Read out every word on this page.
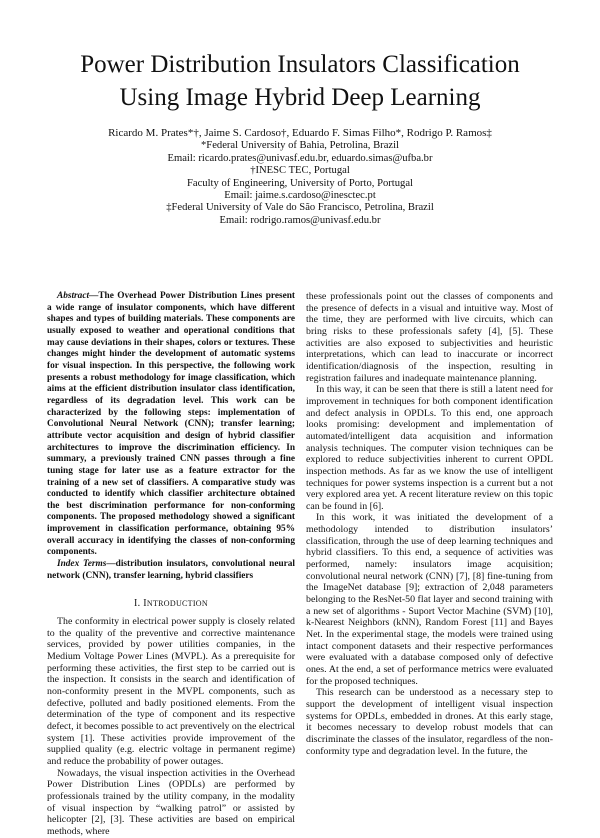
Power Distribution Insulators Classification
Using Image Hybrid Deep Learning
Ricardo M. Prates*†, Jaime S. Cardoso†, Eduardo F. Simas Filho*, Rodrigo P. Ramos‡
*Federal University of Bahia, Petrolina, Brazil
Email: ricardo.prates@univasf.edu.br, eduardo.simas@ufba.br
†INESC TEC, Portugal
Faculty of Engineering, University of Porto, Portugal
Email: jaime.s.cardoso@inesctec.pt
‡Federal University of Vale do São Francisco, Petrolina, Brazil
Email: rodrigo.ramos@univasf.edu.br

Abstract—The Overhead Power Distribution Lines present a wide range of insulator components, which have different shapes and types of building materials. These components are usually exposed to weather and operational conditions that may cause deviations in their shapes, colors or textures. These changes might hinder the development of automatic systems for visual inspection. In this perspective, the following work presents a robust methodology for image classification, which aims at the efficient distribution insulator class identification, regardless of its degradation level. This work can be characterized by the following steps: implementation of Convolutional Neural Network (CNN); transfer learning; attribute vector acquisition and design of hybrid classifier architectures to improve the discrimination efficiency. In summary, a previously trained CNN passes through a fine tuning stage for later use as a feature extractor for the training of a new set of classifiers. A comparative study was conducted to identify which classifier architecture obtained the best discrimination performance for non-conforming components. The proposed methodology showed a significant improvement in classification performance, obtaining 95% overall accuracy in identifying the classes of non-conforming components.

Index Terms—distribution insulators, convolutional neural network (CNN), transfer learning, hybrid classifiers

I. INTRODUCTION

The conformity in electrical power supply is closely related to the quality of the preventive and corrective maintenance services, provided by power utilities companies, in the Medium Voltage Power Lines (MVPL). As a prerequisite for performing these activities, the first step to be carried out is the inspection. It consists in the search and identification of non-conformity present in the MVPL components, such as defective, polluted and badly positioned elements. From the determination of the type of component and its respective defect, it becomes possible to act preventively on the electrical system [1]. These activities provide improvement of the supplied quality (e.g. electric voltage in permanent regime) and reduce the probability of power outages.

Nowadays, the visual inspection activities in the Overhead Power Distribution Lines (OPDLs) are performed by professionals trained by the utility company, in the modality of visual inspection by “walking patrol” or assisted by helicopter [2], [3]. These activities are based on empirical methods, where

these professionals point out the classes of components and the presence of defects in a visual and intuitive way. Most of the time, they are performed with live circuits, which can bring risks to these professionals safety [4], [5]. These activities are also exposed to subjectivities and heuristic interpretations, which can lead to inaccurate or incorrect identification/diagnosis of the inspection, resulting in registration failures and inadequate maintenance planning.

In this way, it can be seen that there is still a latent need for improvement in techniques for both component identification and defect analysis in OPDLs. To this end, one approach looks promising: development and implementation of automated/intelligent data acquisition and information analysis techniques. The computer vision techniques can be explored to reduce subjectivities inherent to current OPDL inspection methods. As far as we know the use of intelligent techniques for power systems inspection is a current but a not very explored area yet. A recent literature review on this topic can be found in [6].

In this work, it was initiated the development of a methodology intended to distribution insulators’ classification, through the use of deep learning techniques and hybrid classifiers. To this end, a sequence of activities was performed, namely: insulators image acquisition; convolutional neural network (CNN) [7], [8] fine-tuning from the ImageNet database [9]; extraction of 2,048 parameters belonging to the ResNet-50 flat layer and second training with a new set of algorithms - Suport Vector Machine (SVM) [10], k-Nearest Neighbors (kNN), Random Forest [11] and Bayes Net. In the experimental stage, the models were trained using intact component datasets and their respective performances were evaluated with a database composed only of defective ones. At the end, a set of performance metrics were evaluated for the proposed techniques.

This research can be understood as a necessary step to support the development of intelligent visual inspection systems for OPDLs, embedded in drones. At this early stage, it becomes necessary to develop robust models that can discriminate the classes of the insulator, regardless of the non-conformity type and degradation level. In the future, the
